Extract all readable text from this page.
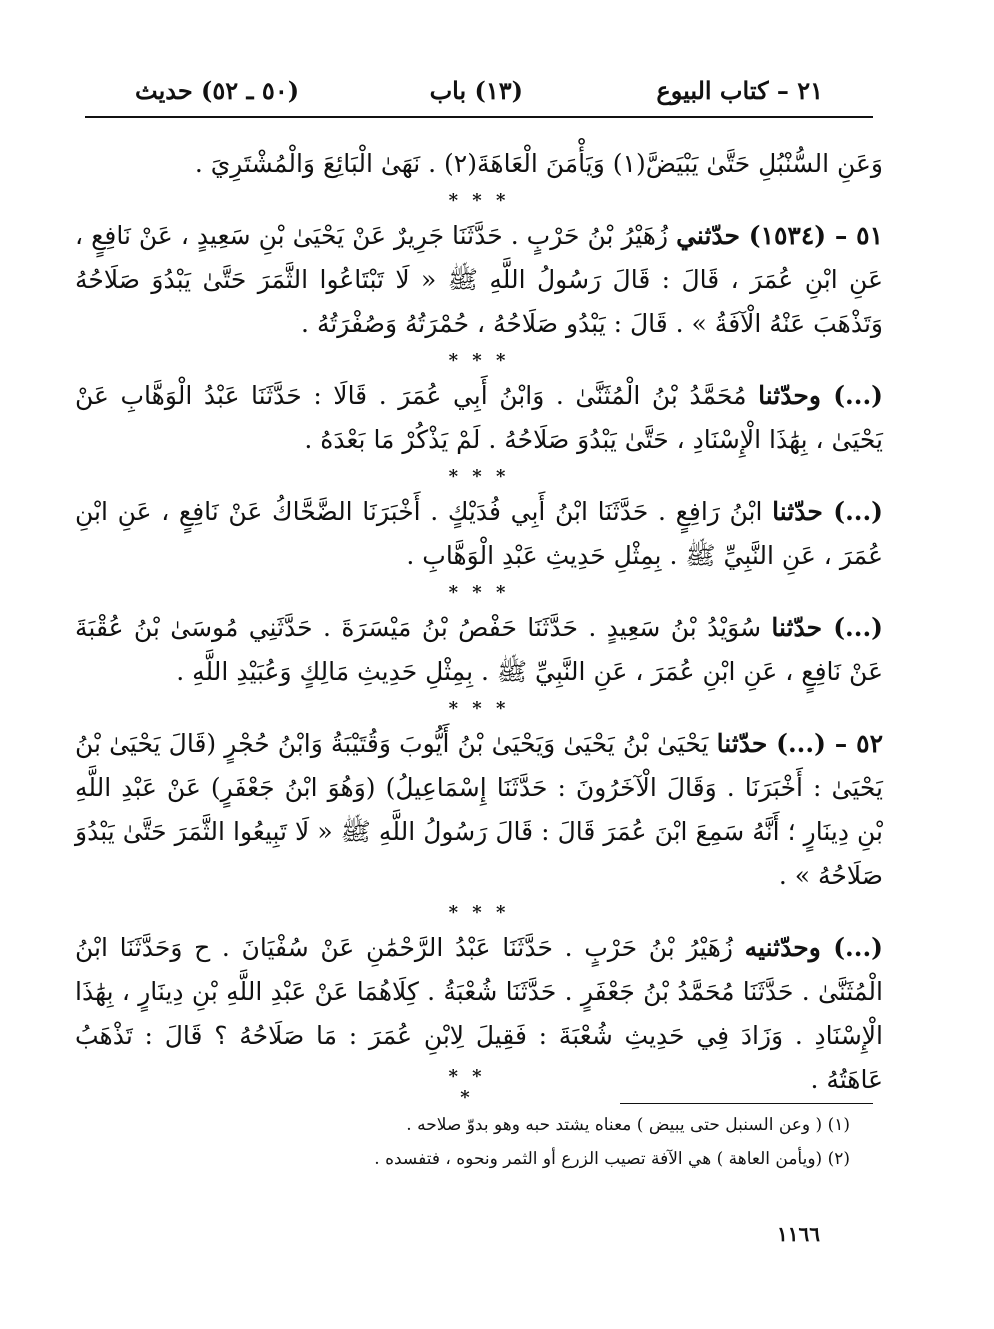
٢١ – كتاب البيوع
(١٣) باب
(٥٠ ـ ٥٢) حديث

وَعَنِ السُّنْبُلِ حَتَّىٰ يَبْيَضَّ(١) وَيَأْمَنَ الْعَاهَةَ(٢) . نَهَىٰ الْبَائِعَ وَالْمُشْتَرِيَ .

* * *

٥١ – (١٥٣٤) حدّثني زُهَيْرُ بْنُ حَرْبٍ . حَدَّثَنَا جَرِيرٌ عَنْ يَحْيَىٰ بْنِ سَعِيدٍ ، عَنْ نَافِعٍ ، عَنِ ابْنِ عُمَرَ ، قَالَ : قَالَ رَسُولُ اللَّهِ ﷺ « لَا تَبْتَاعُوا الثَّمَرَ حَتَّىٰ يَبْدُوَ صَلَاحُهُ وَتَذْهَبَ عَنْهُ الْآفَةُ » . قَالَ : يَبْدُو صَلَاحُهُ ، حُمْرَتُهُ وَصُفْرَتُهُ .

* * *

(...) وحدّثنا مُحَمَّدُ بْنُ الْمُثَنَّىٰ . وَابْنُ أَبِي عُمَرَ . قَالَا : حَدَّثَنَا عَبْدُ الْوَهَّابِ عَنْ يَحْيَىٰ ، بِهَٰذَا الْإِسْنَادِ ، حَتَّىٰ يَبْدُوَ صَلَاحُهُ . لَمْ يَذْكُرْ مَا بَعْدَهُ .

* * *

(...) حدّثنا ابْنُ رَافِعٍ . حَدَّثَنَا ابْنُ أَبِي فُدَيْكٍ . أَخْبَرَنَا الضَّحَّاكُ عَنْ نَافِعٍ ، عَنِ ابْنِ عُمَرَ ، عَنِ النَّبِيِّ ﷺ . بِمِثْلِ حَدِيثِ عَبْدِ الْوَهَّابِ .

* * *

(...) حدّثنا سُوَيْدُ بْنُ سَعِيدٍ . حَدَّثَنَا حَفْصُ بْنُ مَيْسَرَةَ . حَدَّثَنِي مُوسَىٰ بْنُ عُقْبَةَ عَنْ نَافِعٍ ، عَنِ ابْنِ عُمَرَ ، عَنِ النَّبِيِّ ﷺ . بِمِثْلِ حَدِيثِ مَالِكٍ وَعُبَيْدِ اللَّهِ .

* * *

٥٢ – (...) حدّثنا يَحْيَىٰ بْنُ يَحْيَىٰ وَيَحْيَىٰ بْنُ أَيُّوبَ وَقُتَيْبَةُ وَابْنُ حُجْرٍ (قَالَ يَحْيَىٰ بْنُ يَحْيَىٰ : أَخْبَرَنَا . وَقَالَ الْآخَرُونَ : حَدَّثَنَا إِسْمَاعِيلُ) (وَهُوَ ابْنُ جَعْفَرٍ) عَنْ عَبْدِ اللَّهِ بْنِ دِينَارٍ ؛ أَنَّهُ سَمِعَ ابْنَ عُمَرَ قَالَ : قَالَ رَسُولُ اللَّهِ ﷺ « لَا تَبِيعُوا الثَّمَرَ حَتَّىٰ يَبْدُوَ صَلَاحُهُ » .

* * *

(...) وحدّثنيه زُهَيْرُ بْنُ حَرْبٍ . حَدَّثَنَا عَبْدُ الرَّحْمَٰنِ عَنْ سُفْيَانَ . ح وَحَدَّثَنَا ابْنُ الْمُثَنَّىٰ . حَدَّثَنَا مُحَمَّدُ بْنُ جَعْفَرٍ . حَدَّثَنَا شُعْبَةُ . كِلَاهُمَا عَنْ عَبْدِ اللَّهِ بْنِ دِينَارٍ ، بِهَٰذَا الْإِسْنَادِ . وَزَادَ فِي حَدِيثِ شُعْبَةَ : فَقِيلَ لِابْنِ عُمَرَ : مَا صَلَاحُهُ ؟ قَالَ : تَذْهَبُ عَاهَتُهُ .

* * *
(١) ( وعن السنبل حتى يبيض ) معناه يشتد حبه وهو بدوّ صلاحه .
(٢) (ويأمن العاهة ) هي الآفة تصيب الزرع أو الثمر ونحوه ، فتفسده .
١١٦٦
